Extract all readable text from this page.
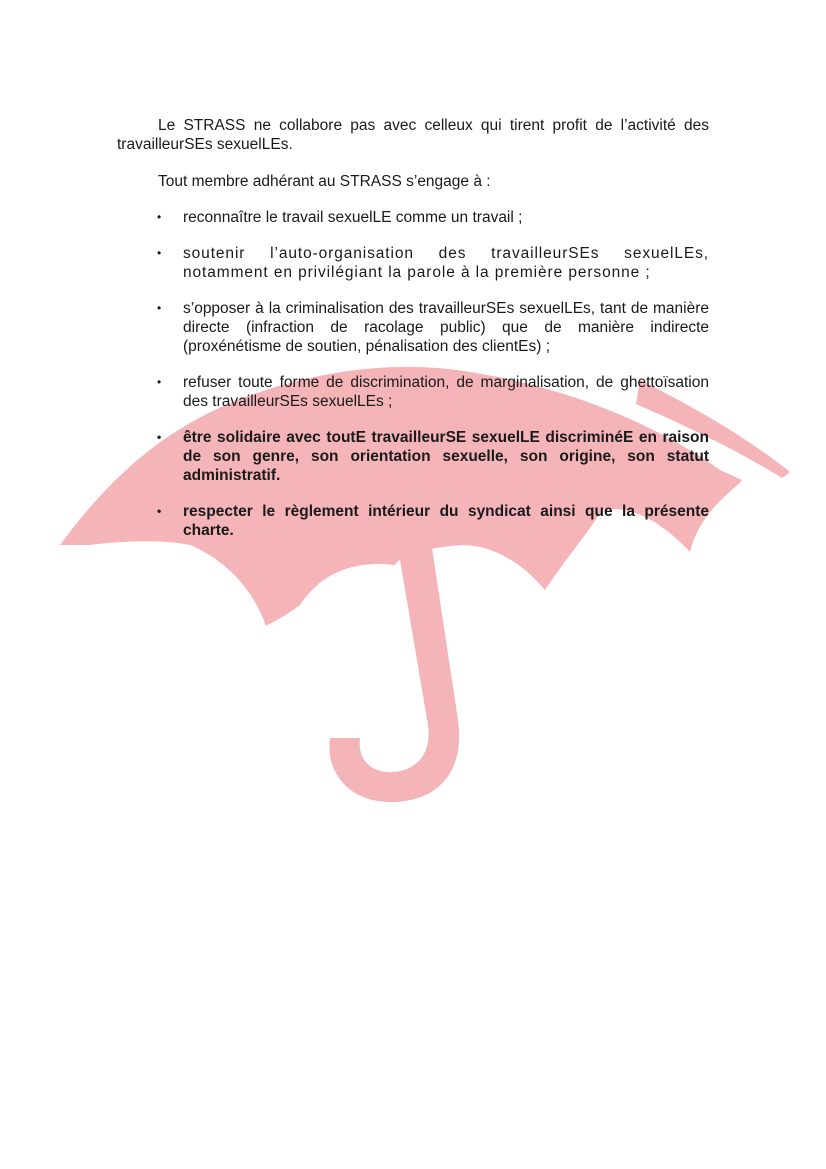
Le STRASS ne collabore pas avec celleux qui tirent profit de l’activité des travailleurSEs sexuelLEs.

Tout membre adhérant au STRASS s’engage à :

• reconnaître le travail sexuelLE comme un travail ;
• soutenir l’auto-organisation des travailleurSEs sexuelLEs, notamment en privilégiant la parole à la première personne ;
• s’opposer à la criminalisation des travailleurSEs sexuelLEs, tant de manière directe (infraction de racolage public) que de manière indirecte (proxénétisme de soutien, pénalisation des clientEs) ;
• refuser toute forme de discrimination, de marginalisation, de ghettoïsation des travailleurSEs sexuelLEs ;
• être solidaire avec toutE travailleurSE sexuelLE discriminéE en raison de son genre, son orientation sexuelle, son origine, son statut administratif.
• respecter le règlement intérieur du syndicat ainsi que la présente charte.
